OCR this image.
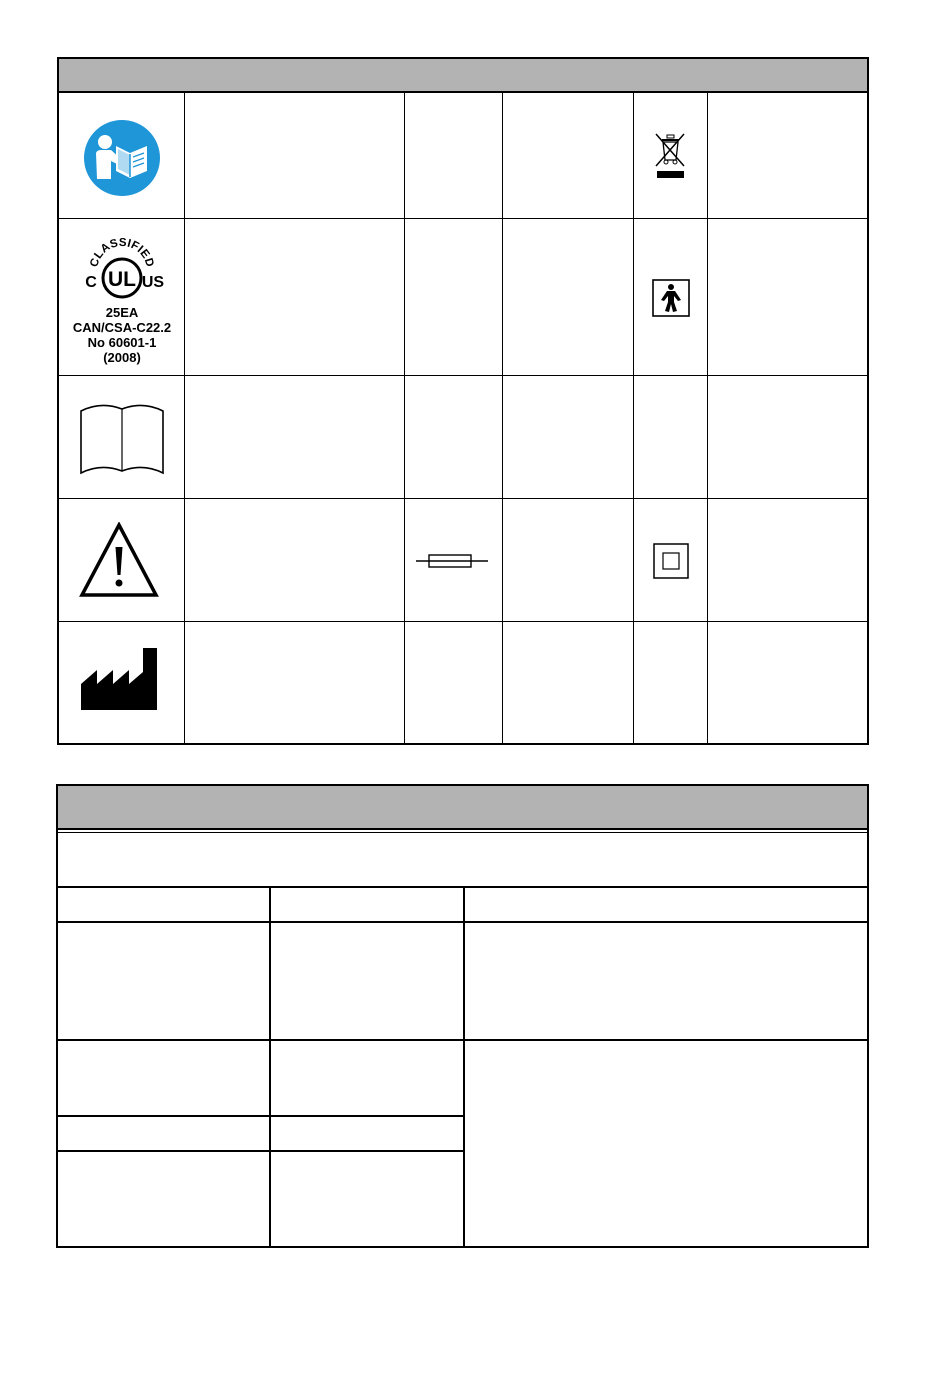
CLASSIFIED
UL
C	US
25EA
CAN/CSA-C22.2
No 60601-1
(2008)
